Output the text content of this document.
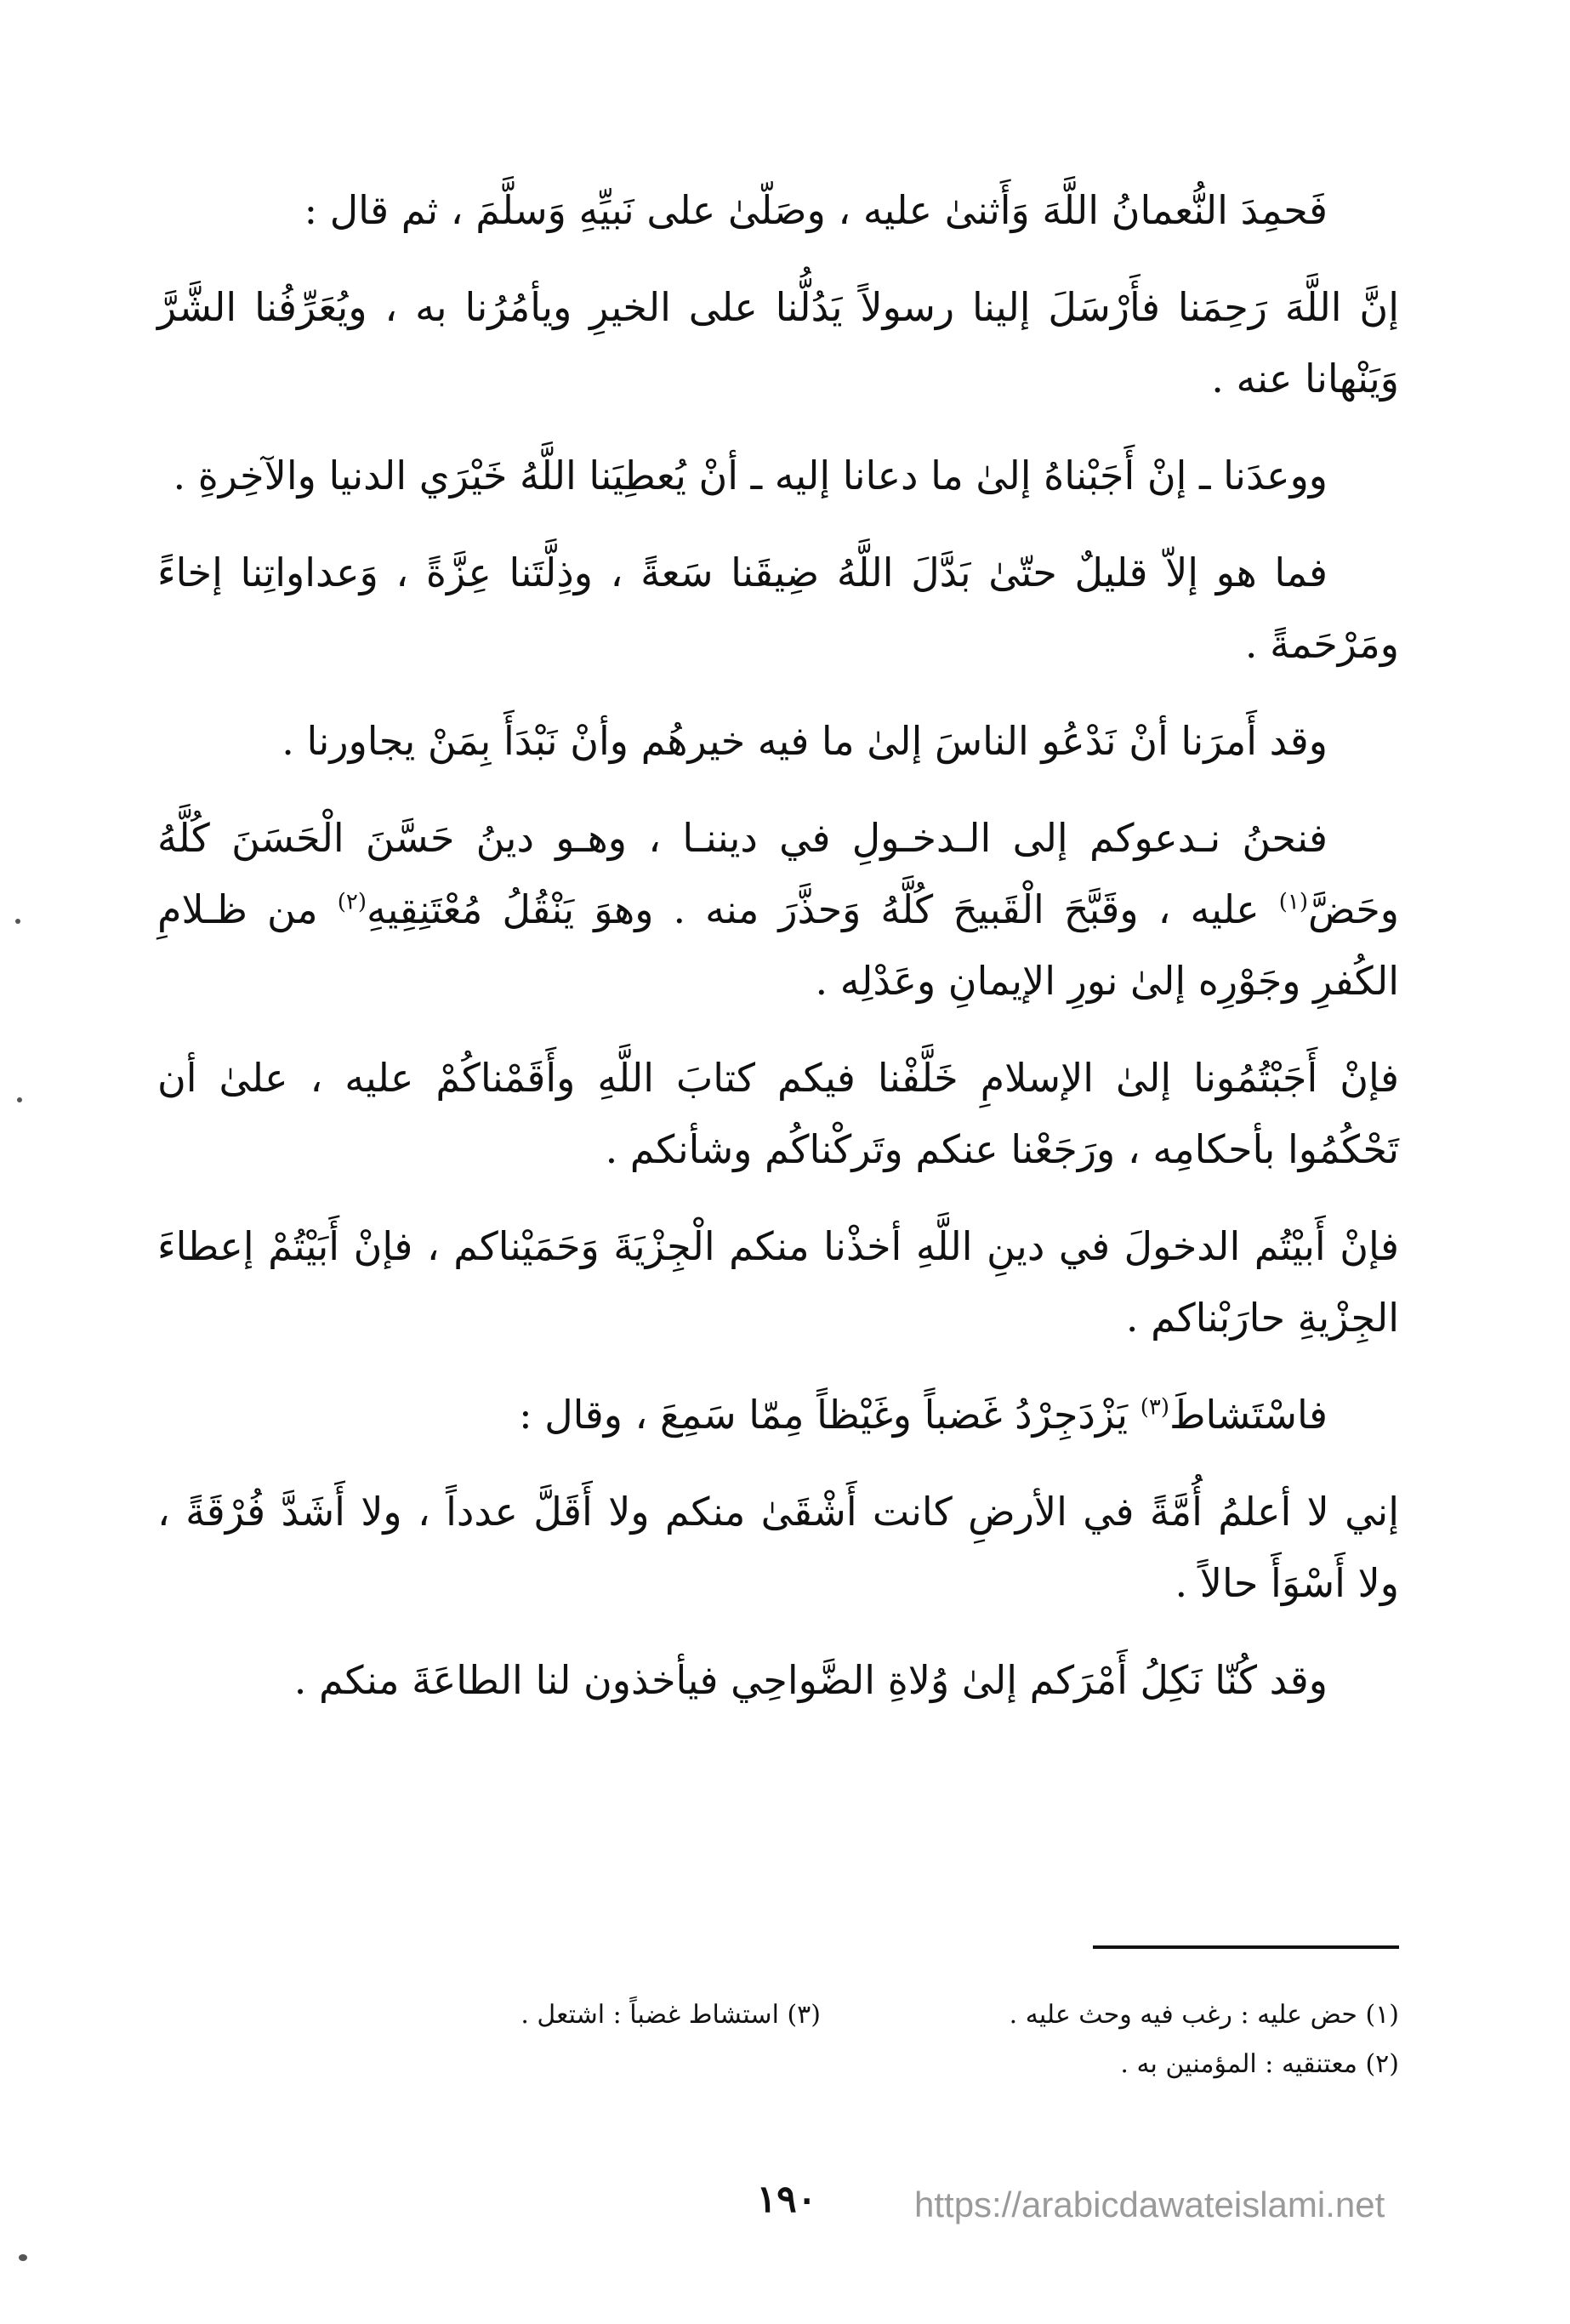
فَحمِدَ النُّعمانُ اللَّهَ وَأَثنىٰ عليه ، وصَلّىٰ على نَبيِّهِ وَسلَّمَ ، ثم قال :

إنَّ اللَّهَ رَحِمَنا فأَرْسَلَ إلينا رسولاً يَدُلُّنا على الخيرِ ويأمُرُنا به ، ويُعَرِّفُنا الشَّرَّ وَيَنْهانا عنه .

ووعدَنا ـ إنْ أَجَبْناهُ إلىٰ ما دعانا إليه ـ أنْ يُعطِيَنا اللَّهُ خَيْرَي الدنيا والآخِرةِ .

فما هو إلاّ قليلٌ حتّىٰ بَدَّلَ اللَّهُ ضِيقَنا سَعةً ، وذِلَّتَنا عِزَّةً ، وَعداواتِنا إخاءً ومَرْحَمةً .

وقد أَمرَنا أنْ نَدْعُو الناسَ إلىٰ ما فيه خيرهُم وأنْ نَبْدَأَ بِمَنْ يجاورنا .

فنحنُ نـدعوكم إلى الـدخـولِ في ديننـا ، وهـو دينُ حَسَّنَ الْحَسَنَ كُلَّهُ وحَضَّ$^{(١)}$ عليه ، وقَبَّحَ الْقَبيحَ كُلَّهُ وَحذَّرَ منه . وهوَ يَنْقُلُ مُعْتَنِقِيهِ$^{(٢)}$ من ظـلامِ الكُفرِ وجَوْرِه إلىٰ نورِ الإيمانِ وعَدْلِه .

فإنْ أَجَبْتُمُونا إلىٰ الإسلامِ خَلَّفْنا فيكم كتابَ اللَّهِ وأَقَمْناكُمْ عليه ، علىٰ أن تَحْكُمُوا بأحكامِه ، ورَجَعْنا عنكم وتَركْناكُم وشأنكم .

فإنْ أَبيْتُم الدخولَ في دينِ اللَّهِ أخذْنا منكم الْجِزْيَةَ وَحَمَيْناكم ، فإنْ أَبَيْتُمْ إعطاءَ الجِزْيةِ حارَبْناكم .

فاسْتَشاطَ$^{(٣)}$ يَزْدَجِرْدُ غَضباً وغَيْظاً مِمّا سَمِعَ ، وقال :

إني لا أعلمُ أُمَّةً في الأرضِ كانت أَشْقَىٰ منكم ولا أَقَلَّ عدداً ، ولا أَشَدَّ فُرْقَةً ، ولا أَسْوَأَ حالاً .

وقد كُنّا نَكِلُ أَمْرَكم إلىٰ وُلاةِ الضَّواحِي فيأخذون لنا الطاعَةَ منكم .

(١) حض عليه : رغب فيه وحث عليه .
(٣) استشاط غضباً : اشتعل .
(٢) معتنقيه : المؤمنين به .
١٩٠	https://arabicdawateislami.net
